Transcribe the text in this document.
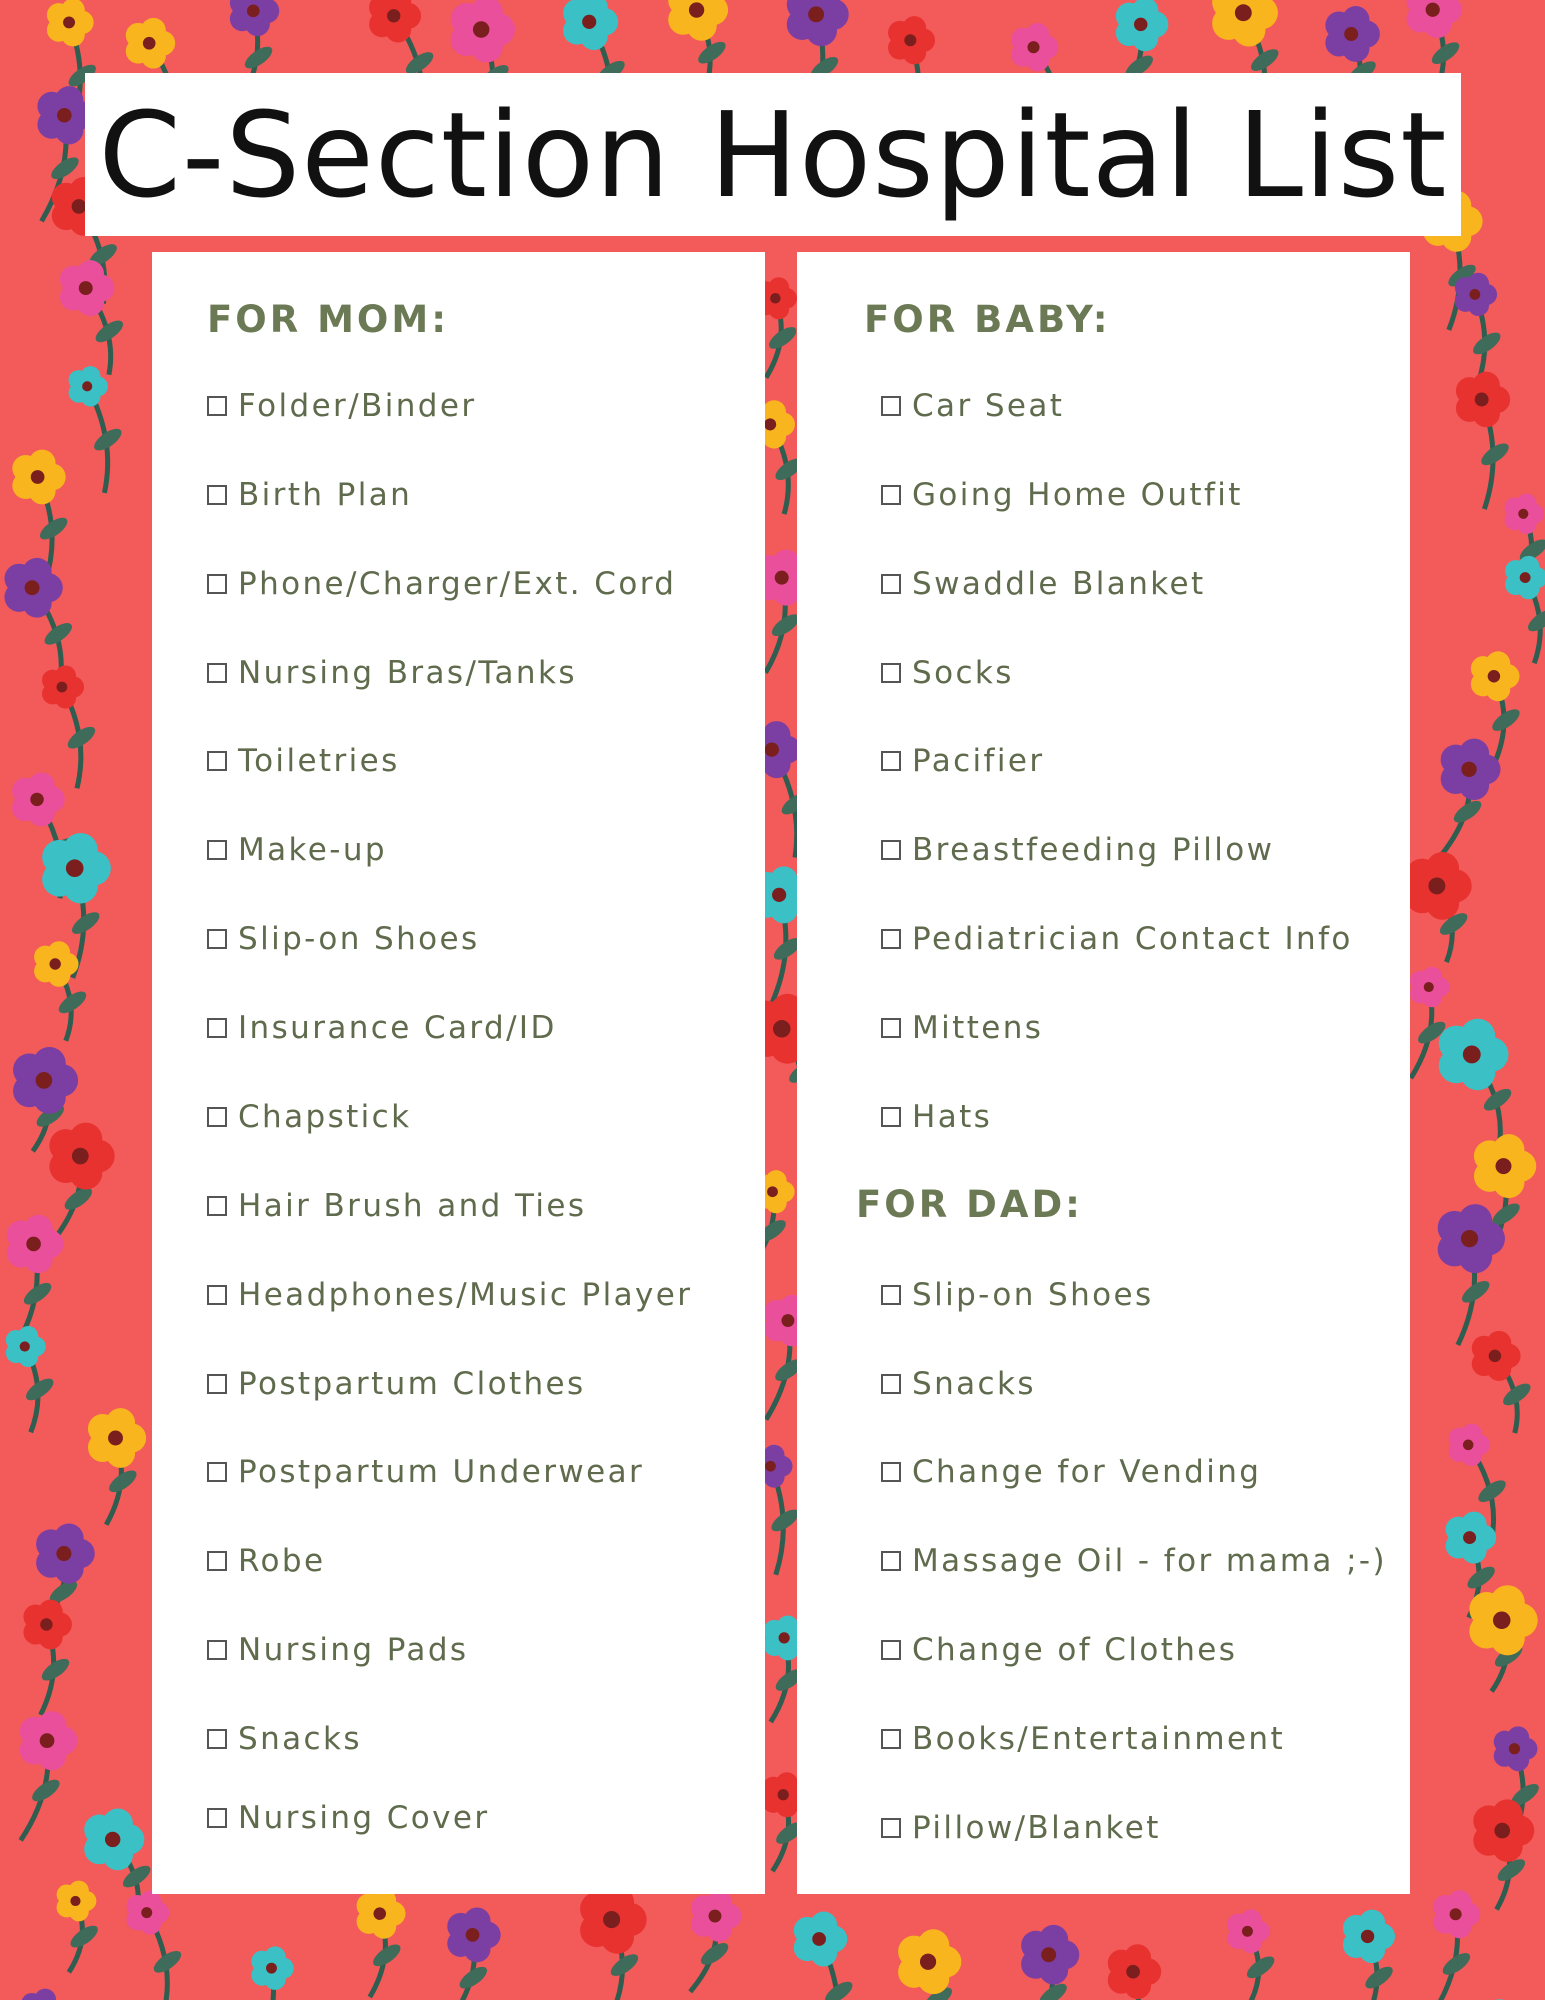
C-Section Hospital List
FOR MOM:
Folder/Binder
Birth Plan
Phone/Charger/Ext. Cord
Nursing Bras/Tanks
Toiletries
Make-up
Slip-on Shoes
Insurance Card/ID
Chapstick
Hair Brush and Ties
Headphones/Music Player
Postpartum Clothes
Postpartum Underwear
Robe
Nursing Pads
Snacks
Nursing Cover
FOR BABY:
Car Seat
Going Home Outfit
Swaddle Blanket
Socks
Pacifier
Breastfeeding Pillow
Pediatrician Contact Info
Mittens
Hats
FOR DAD:
Slip-on Shoes
Snacks
Change for Vending
Massage Oil - for mama ;-)
Change of Clothes
Books/Entertainment
Pillow/Blanket
